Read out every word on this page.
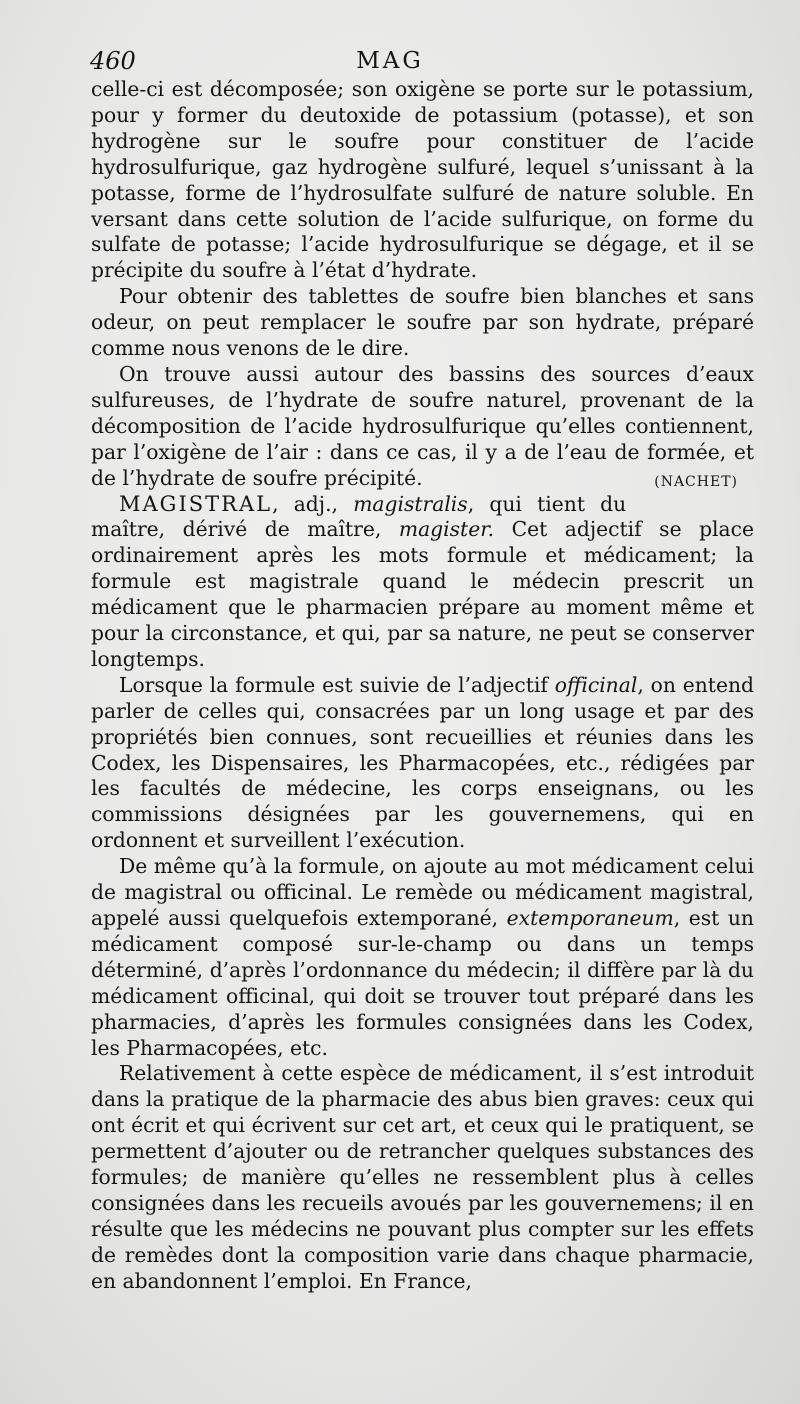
460	MAG

celle-ci est décomposée; son oxigène se porte sur le potassium, pour y former du deutoxide de potassium (potasse), et son hydrogène sur le soufre pour constituer de l’acide hydrosulfurique, gaz hydrogène sulfuré, lequel s’unissant à la potasse, forme de l’hydrosulfate sulfuré de nature soluble. En versant dans cette solution de l’acide sulfurique, on forme du sulfate de potasse; l’acide hydrosulfurique se dégage, et il se précipite du soufre à l’état d’hydrate.

Pour obtenir des tablettes de soufre bien blanches et sans odeur, on peut remplacer le soufre par son hydrate, préparé comme nous venons de le dire.

On trouve aussi autour des bassins des sources d’eaux sulfureuses, de l’hydrate de soufre naturel, provenant de la décomposition de l’acide hydrosulfurique qu’elles contiennent, par l’oxigène de l’air : dans ce cas, il y a de l’eau de formée, et de l’hydrate de soufre précipité.	(NACHET)

MAGISTRAL, adj., magistralis, qui tient du maître, dérivé de maître, magister. Cet adjectif se place ordinairement après les mots formule et médicament; la formule est magistrale quand le médecin prescrit un médicament que le pharmacien prépare au moment même et pour la circonstance, et qui, par sa nature, ne peut se conserver longtemps.

Lorsque la formule est suivie de l’adjectif officinal, on entend parler de celles qui, consacrées par un long usage et par des propriétés bien connues, sont recueillies et réunies dans les Codex, les Dispensaires, les Pharmacopées, etc., rédigées par les facultés de médecine, les corps enseignans, ou les commissions désignées par les gouvernemens, qui en ordonnent et surveillent l’exécution.

De même qu’à la formule, on ajoute au mot médicament celui de magistral ou officinal. Le remède ou médicament magistral, appelé aussi quelquefois extemporané, extemporaneum, est un médicament composé sur-le-champ ou dans un temps déterminé, d’après l’ordonnance du médecin; il diffère par là du médicament officinal, qui doit se trouver tout préparé dans les pharmacies, d’après les formules consignées dans les Codex, les Pharmacopées, etc.

Relativement à cette espèce de médicament, il s’est introduit dans la pratique de la pharmacie des abus bien graves: ceux qui ont écrit et qui écrivent sur cet art, et ceux qui le pratiquent, se permettent d’ajouter ou de retrancher quelques substances des formules; de manière qu’elles ne ressemblent plus à celles consignées dans les recueils avoués par les gouvernemens; il en résulte que les médecins ne pouvant plus compter sur les effets de remèdes dont la composition varie dans chaque pharmacie, en abandonnent l’emploi. En France,
